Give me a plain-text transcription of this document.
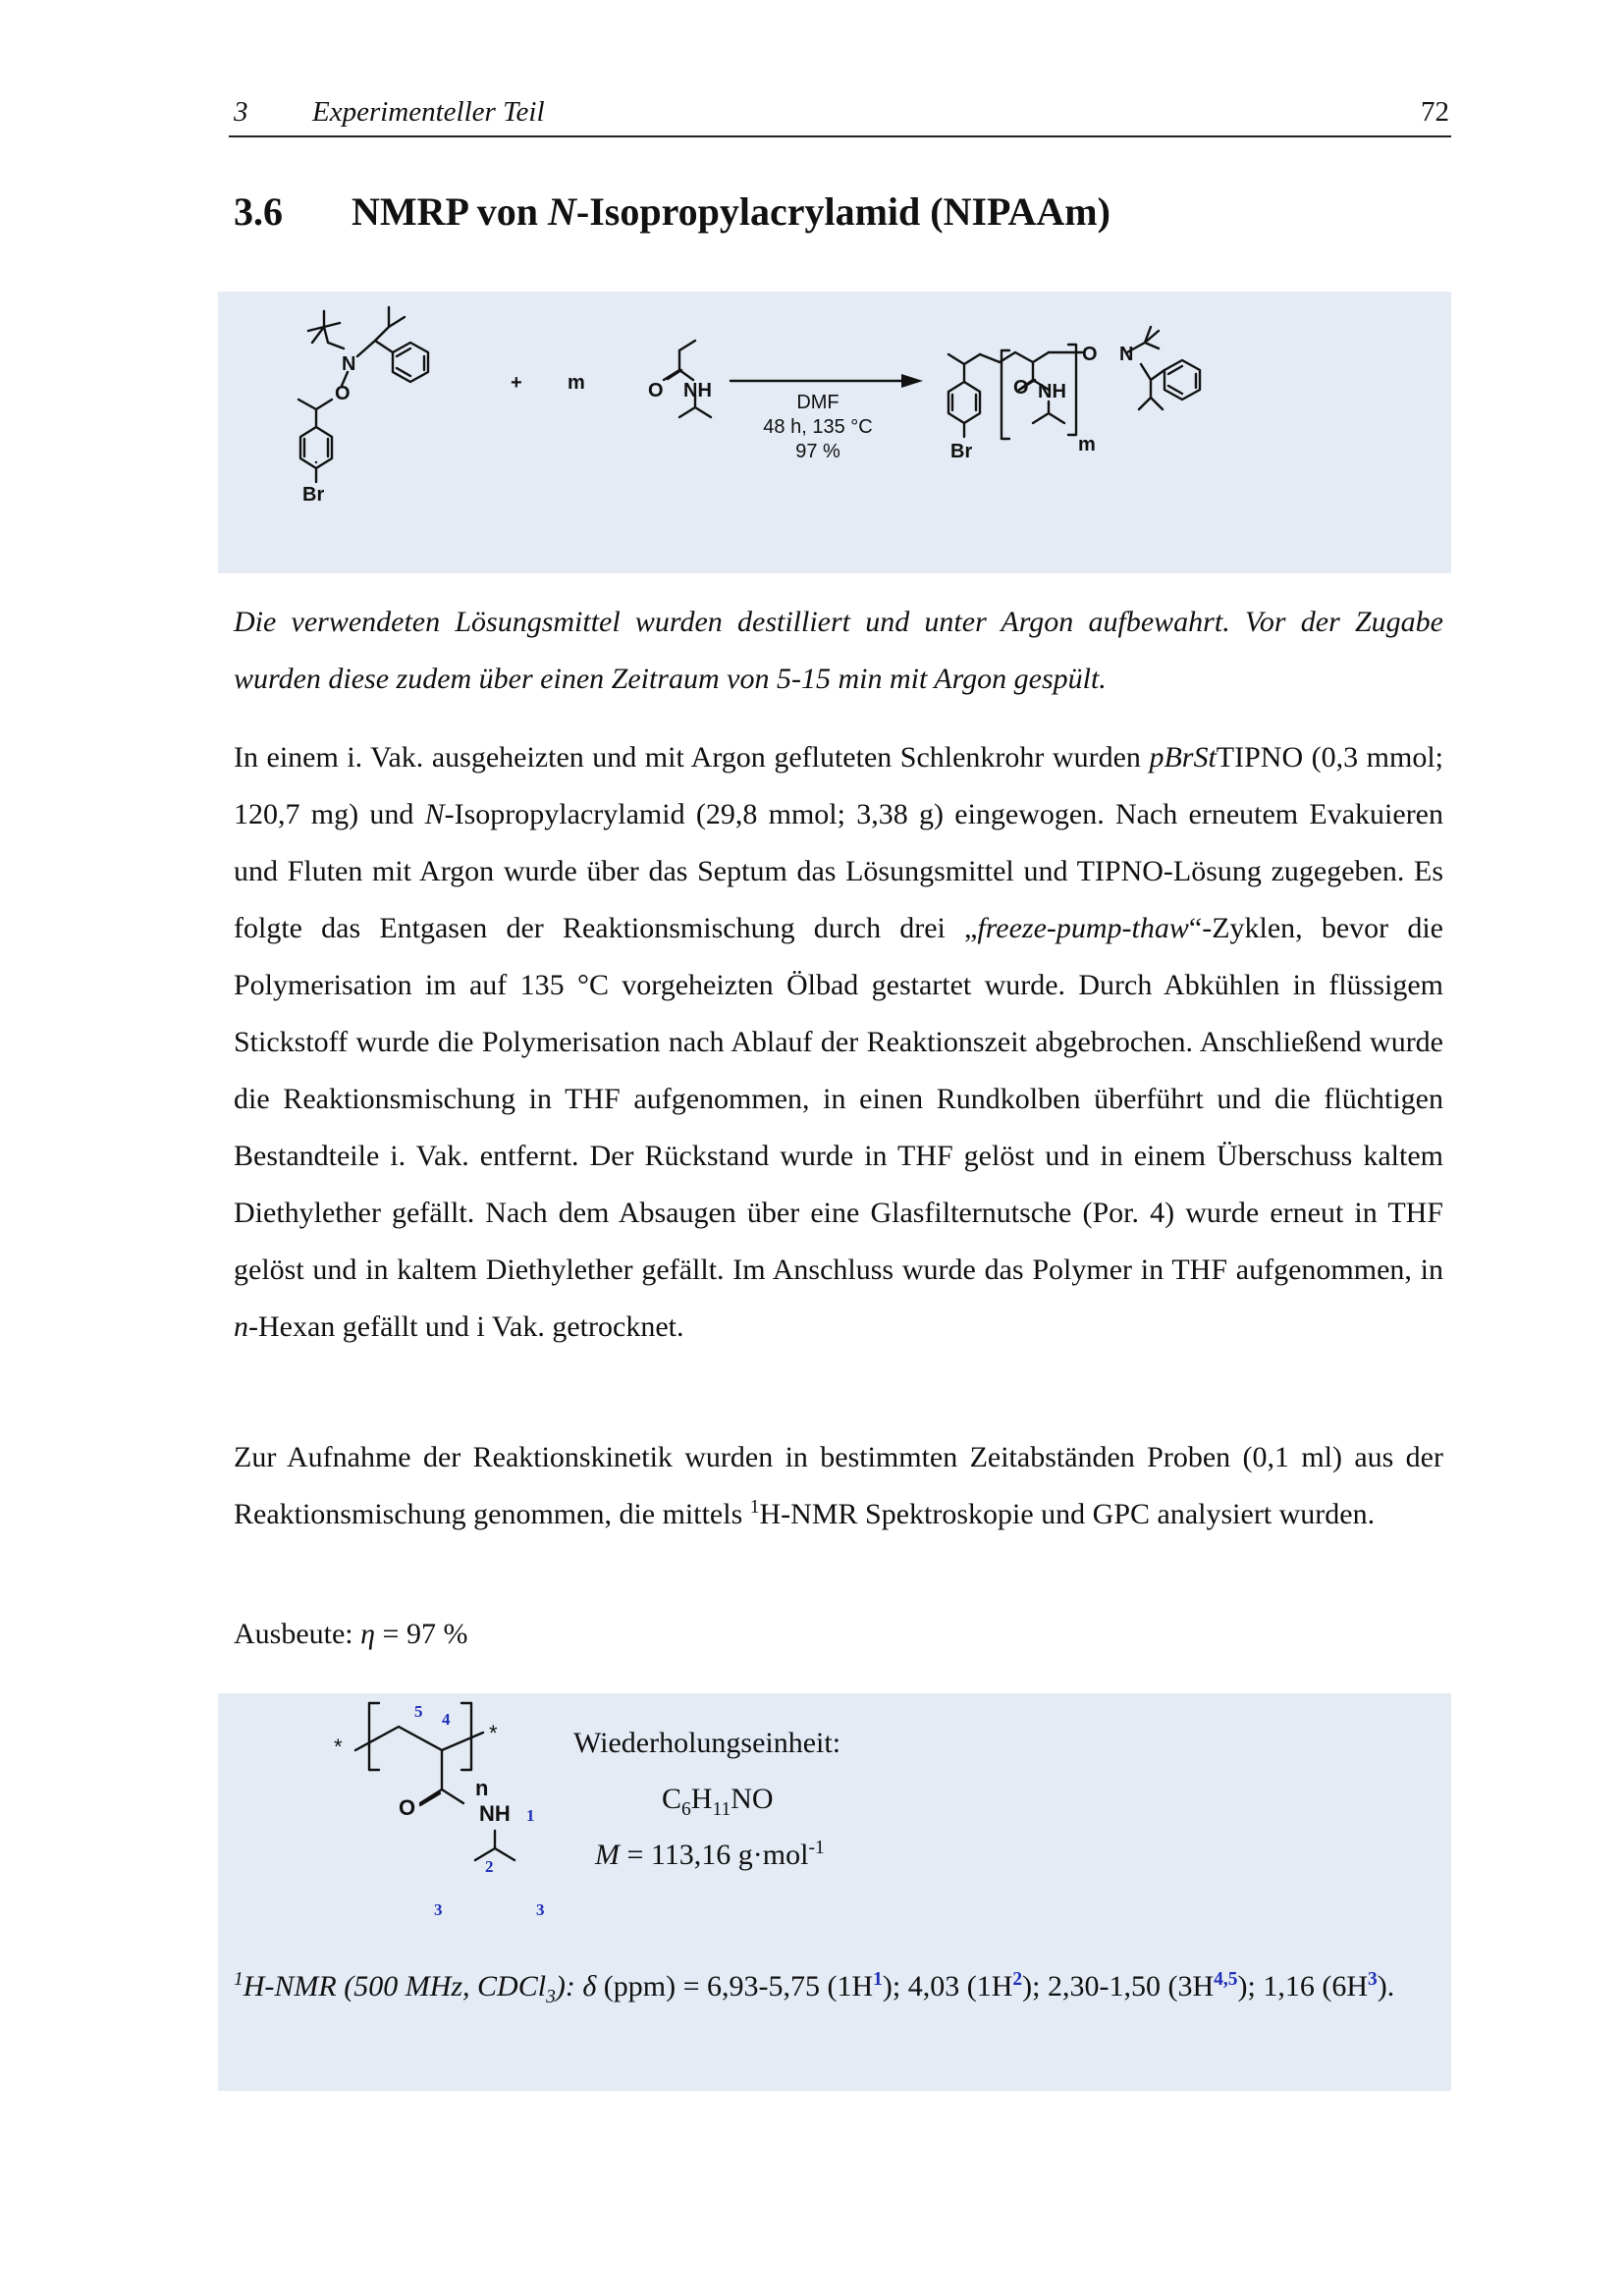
3 Experimenteller Teil	72
3.6 NMRP von N-Isopropylacrylamid (NIPAAm)
N
O
Br
+ m	O NH	O NH
O N
Br	m
DMF
48 h, 135 °C
97 %

Die verwendeten Lösungsmittel wurden destilliert und unter Argon aufbewahrt. Vor der Zugabe wurden diese zudem über einen Zeitraum von 5-15 min mit Argon gespült.

In einem i. Vak. ausgeheizten und mit Argon gefluteten Schlenkrohr wurden pBrStTIPNO (0,3 mmol; 120,7 mg) und N-Isopropylacrylamid (29,8 mmol; 3,38 g) eingewogen. Nach erneutem Evakuieren und Fluten mit Argon wurde über das Septum das Lösungsmittel und TIPNO-Lösung zugegeben. Es folgte das Entgasen der Reaktionsmischung durch drei „freeze-pump-thaw“-Zyklen, bevor die Polymerisation im auf 135 °C vorgeheizten Ölbad gestartet wurde. Durch Abkühlen in flüssigem Stickstoff wurde die Polymerisation nach Ablauf der Reaktionszeit abgebrochen. Anschließend wurde die Reaktionsmischung in THF aufgenommen, in einen Rundkolben überführt und die flüchtigen Bestandteile i. Vak. entfernt. Der Rückstand wurde in THF gelöst und in einem Überschuss kaltem Diethylether gefällt. Nach dem Absaugen über eine Glasfilternutsche (Por. 4) wurde erneut in THF gelöst und in kaltem Diethylether gefällt. Im Anschluss wurde das Polymer in THF aufgenommen, in n-Hexan gefällt und i Vak. getrocknet.

Zur Aufnahme der Reaktionskinetik wurden in bestimmten Zeitabständen Proben (0,1 ml) aus der Reaktionsmischung genommen, die mittels $^1$H-NMR Spektroskopie und GPC analysiert wurden.

Ausbeute: η = 97 %

*
*
n
O	NH 1
2
3	3
4
5
Wiederholungseinheit:
$C_6H_{11}NO$
M = 113,16 g·mol$^{-1}$

$^1$H-NMR (500 MHz, CDCl$_3$): δ (ppm) = 6,93-5,75 $(1H^1)$; 4,03 $(1H^2)$; 2,30-1,50 $(3H^{4,5})$; 1,16 $(6H^3)$.
